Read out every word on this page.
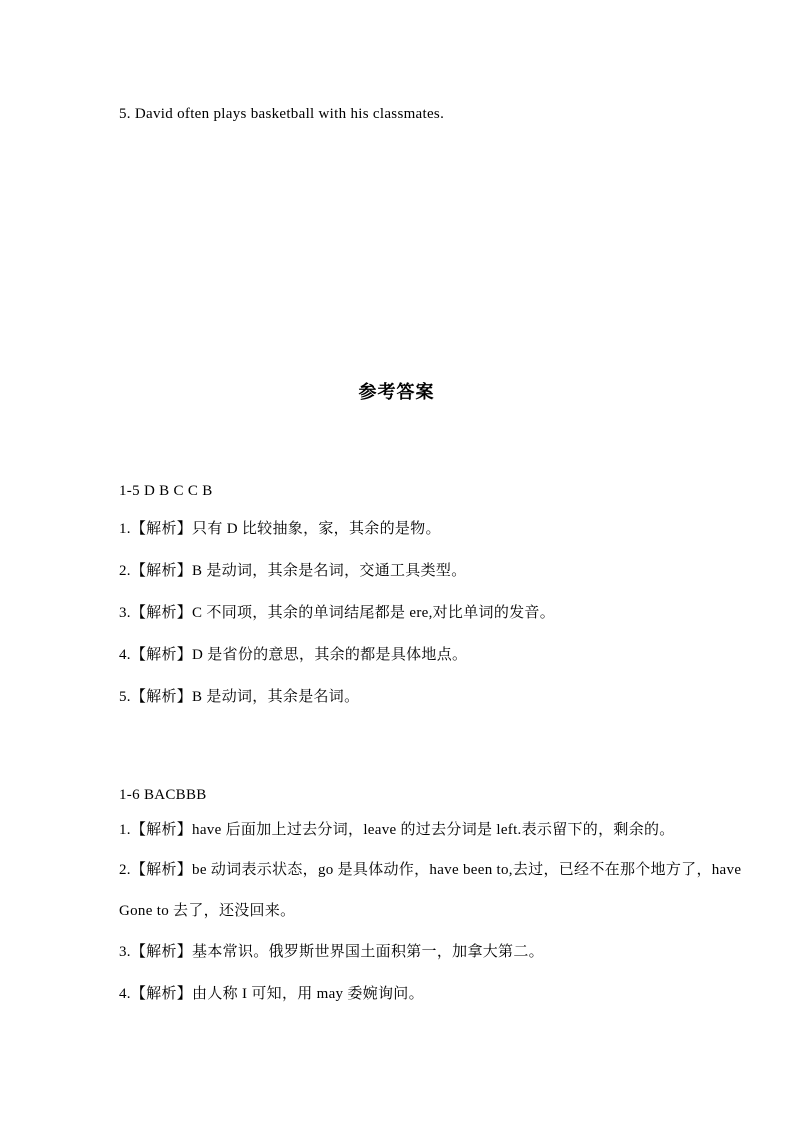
5. David often plays basketball with his classmates.

参考答案

1-5 D B C C B

1.【解析】只有 D 比较抽象，家，其余的是物。

2.【解析】B 是动词，其余是名词，交通工具类型。

3.【解析】C 不同项，其余的单词结尾都是 ere,对比单词的发音。

4.【解析】D 是省份的意思，其余的都是具体地点。

5.【解析】B 是动词，其余是名词。

1-6 BACBBB

1.【解析】have 后面加上过去分词，leave 的过去分词是 left.表示留下的，剩余的。

2.【解析】be 动词表示状态，go 是具体动作，have been to,去过，已经不在那个地方了，have

Gone to 去了，还没回来。

3.【解析】基本常识。俄罗斯世界国土面积第一，加拿大第二。

4.【解析】由人称 I 可知，用 may 委婉询问。
